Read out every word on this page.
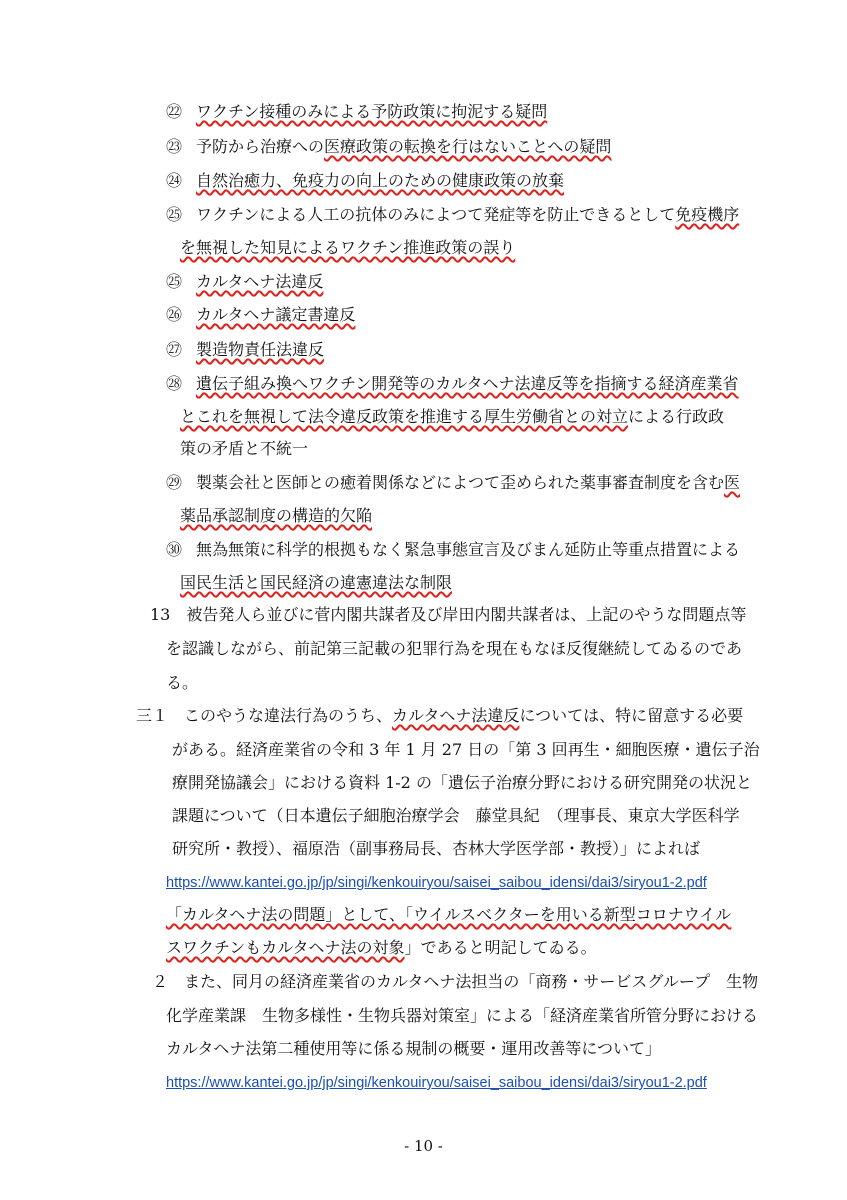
㉒ ワクチン接種のみによる予防政策に拘泥する疑問
㉓ 予防から治療への医療政策の転換を行はないことへの疑問
㉔ 自然治癒力、免疫力の向上のための健康政策の放棄
㉕ ワクチンによる人工の抗体のみによつて発症等を防止できるとして免疫機序
を無視した知見によるワクチン推進政策の誤り
㉕ カルタヘナ法違反
㉖ カルタヘナ議定書違反
㉗ 製造物責任法違反
㉘ 遺伝子組み換へワクチン開発等のカルタヘナ法違反等を指摘する経済産業省
とこれを無視して法令違反政策を推進する厚生労働省との対立による行政政
策の矛盾と不統一
㉙ 製薬会社と医師との癒着関係などによつて歪められた薬事審査制度を含む医
薬品承認制度の構造的欠陥
㉚ 無為無策に科学的根拠もなく緊急事態宣言及びまん延防止等重点措置による
国民生活と国民経済の違憲違法な制限
13　被告発人ら並びに菅内閣共謀者及び岸田内閣共謀者は、上記のやうな問題点等
を認識しながら、前記第三記載の犯罪行為を現在もなほ反復継続してゐるのであ
る。
三１　このやうな違法行為のうち、カルタヘナ法違反については、特に留意する必要
がある。経済産業省の令和 3 年 1 月 27 日の「第 3 回再生・細胞医療・遺伝子治
療開発協議会」における資料 1-2 の「遺伝子治療分野における研究開発の状況と
課題について（日本遺伝子細胞治療学会　藤堂具紀　（理事長、東京大学医科学
研究所・教授）、福原浩（副事務局長、杏林大学医学部・教授）」によれば
https://www.kantei.go.jp/jp/singi/kenkouiryou/saisei_saibou_idensi/dai3/siryou1-2.pdf
「カルタヘナ法の問題」として、「ウイルスベクターを用いる新型コロナウイル
スワクチンもカルタヘナ法の対象」であると明記してゐる。
２　また、同月の経済産業省のカルタヘナ法担当の「商務・サービスグループ　生物
化学産業課　生物多様性・生物兵器対策室」による「経済産業省所管分野における
カルタヘナ法第二種使用等に係る規制の概要・運用改善等について」
https://www.kantei.go.jp/jp/singi/kenkouiryou/saisei_saibou_idensi/dai3/siryou1-2.pdf
- 10 -
